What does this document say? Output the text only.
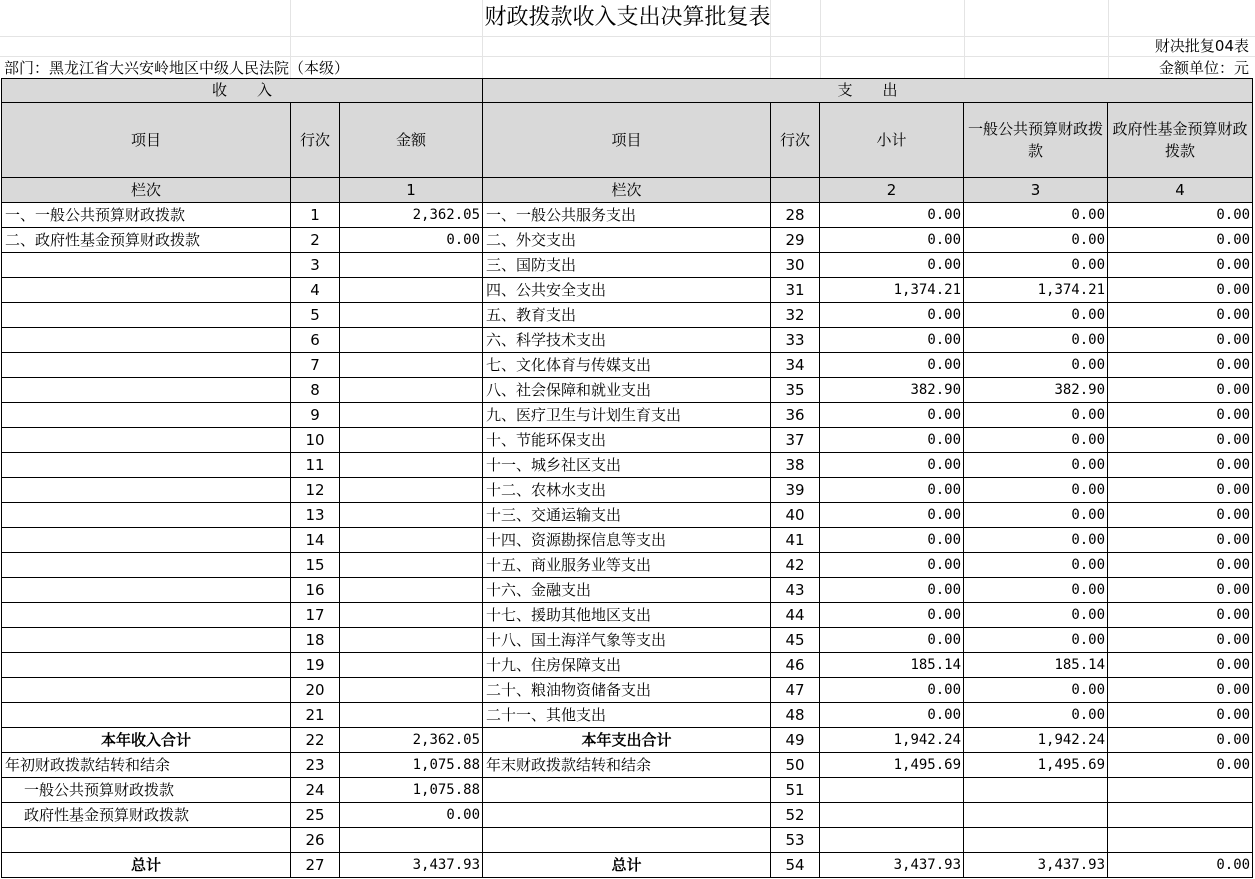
财政拨款收入支出决算批复表
财决批复04表
部门：黑龙江省大兴安岭地区中级人民法院（本级）	金额单位：元
收　　入			支　　出				
项目	行次	金额	项目	行次	小计	一般公共预算财政拨款	政府性基金预算财政拨款
栏次		1	栏次		2	3	4
一、一般公共预算财政拨款	1	2,362.05	一、一般公共服务支出	28	0.00	0.00	0.00
二、政府性基金预算财政拨款	2	0.00	二、外交支出	29	0.00	0.00	0.00
	3		三、国防支出	30	0.00	0.00	0.00
	4		四、公共安全支出	31	1,374.21	1,374.21	0.00
	5		五、教育支出	32	0.00	0.00	0.00
	6		六、科学技术支出	33	0.00	0.00	0.00
	7		七、文化体育与传媒支出	34	0.00	0.00	0.00
	8		八、社会保障和就业支出	35	382.90	382.90	0.00
	9		九、医疗卫生与计划生育支出	36	0.00	0.00	0.00
	10		十、节能环保支出	37	0.00	0.00	0.00
	11		十一、城乡社区支出	38	0.00	0.00	0.00
	12		十二、农林水支出	39	0.00	0.00	0.00
	13		十三、交通运输支出	40	0.00	0.00	0.00
	14		十四、资源勘探信息等支出	41	0.00	0.00	0.00
	15		十五、商业服务业等支出	42	0.00	0.00	0.00
	16		十六、金融支出	43	0.00	0.00	0.00
	17		十七、援助其他地区支出	44	0.00	0.00	0.00
	18		十八、国土海洋气象等支出	45	0.00	0.00	0.00
	19		十九、住房保障支出	46	185.14	185.14	0.00
	20		二十、粮油物资储备支出	47	0.00	0.00	0.00
	21		二十一、其他支出	48	0.00	0.00	0.00
本年收入合计	22	2,362.05	本年支出合计	49	1,942.24	1,942.24	0.00
年初财政拨款结转和结余	23	1,075.88	年末财政拨款结转和结余	50	1,495.69	1,495.69	0.00
一般公共预算财政拨款	24	1,075.88		51			
政府性基金预算财政拨款	25	0.00		52			
	26			53			
总计	27	3,437.93	总计	54	3,437.93	3,437.93	0.00
